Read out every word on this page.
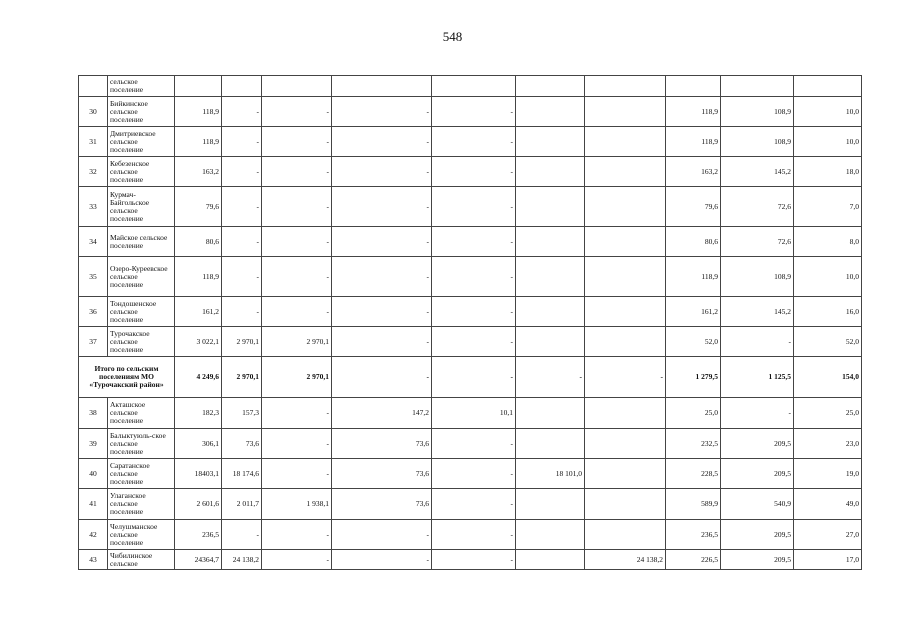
548
	сельское поселение										
30	Бийкинское сельское поселение	118,9	-	-	-	-			118,9	108,9	10,0
31	Дмитриевское сельское поселение	118,9	-	-	-	-			118,9	108,9	10,0
32	Кебезенское сельское поселение	163,2	-	-	-	-			163,2	145,2	18,0
33	Курмач-Байгольское сельское поселение	79,6	-	-	-	-			79,6	72,6	7,0
34	Майское сельское поселение	80,6	-	-	-	-			80,6	72,6	8,0
35	Озеро-Куреевское сельское поселение	118,9	-	-	-	-			118,9	108,9	10,0
36	Тондошенское сельское поселение	161,2	-	-	-	-			161,2	145,2	16,0
37	Турочакское сельское поселение	3 022,1	2 970,1	2 970,1	-	-			52,0	-	52,0
Итого по сельским поселениям МО «Турочакский район»		4 249,6	2 970,1	2 970,1	-	-	-	-	1 279,5	1 125,5	154,0
38	Акташское сельское поселение	182,3	157,3	-	147,2	10,1			25,0	-	25,0
39	Балыктуюль-ское сельское поселение	306,1	73,6	-	73,6	-			232,5	209,5	23,0
40	Саратанское сельское поселение	18403,1	18 174,6	-	73,6	-	18 101,0		228,5	209,5	19,0
41	Улаганское сельское поселение	2 601,6	2 011,7	1 938,1	73,6	-			589,9	540,9	49,0
42	Челушманское сельское поселение	236,5	-	-	-	-			236,5	209,5	27,0
43	Чибилинское сельское	24364,7	24 138,2	-	-	-		24 138,2	226,5	209,5	17,0
